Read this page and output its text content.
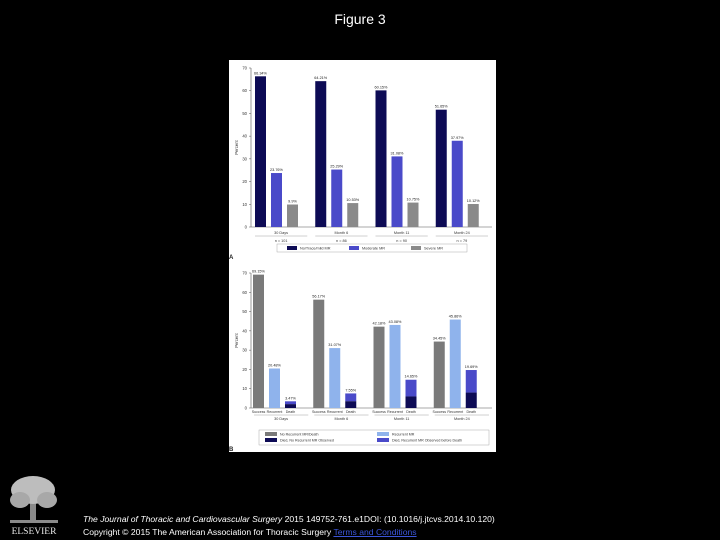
Figure 3
0
10
20
30
40
50
60
70
Percent
66.34%
23.76%
9.9%
30 Days
n = 101
64.21%
25.29%
10.53%
Month 6
n = 86
60.15%
31.08%
10.75%
Month 11
n = 90
51.65%
37.97%
10.12%
Month 24
n = 79
No/Trace/mild MR	Moderate MR	Severe MR
A
0
10
20
30
40
50
60
70
Percent
69.15%
Success
20.48%
Recurrent
3.47%
Death
56.17%
Success
31.07%
Recurrent
7.55%
Death
42.18%
Success
43.08%
Recurrent
14.65%
Death
34.45%
Success
45.86%
Recurrent
19.69%
Death
30 Days	Month 6	Month 11	Month 24
No Recurrent MR/Death	Recurrent MR
Died, No Recurrent MR Observed	Died, Recurrent MR Observed before Death
B
ELSEVIER
The Journal of Thoracic and Cardiovascular Surgery 2015 149752-761.e1DOI: (10.1016/j.jtcvs.2014.10.120)
Copyright © 2015 The American Association for Thoracic Surgery Terms and Conditions
